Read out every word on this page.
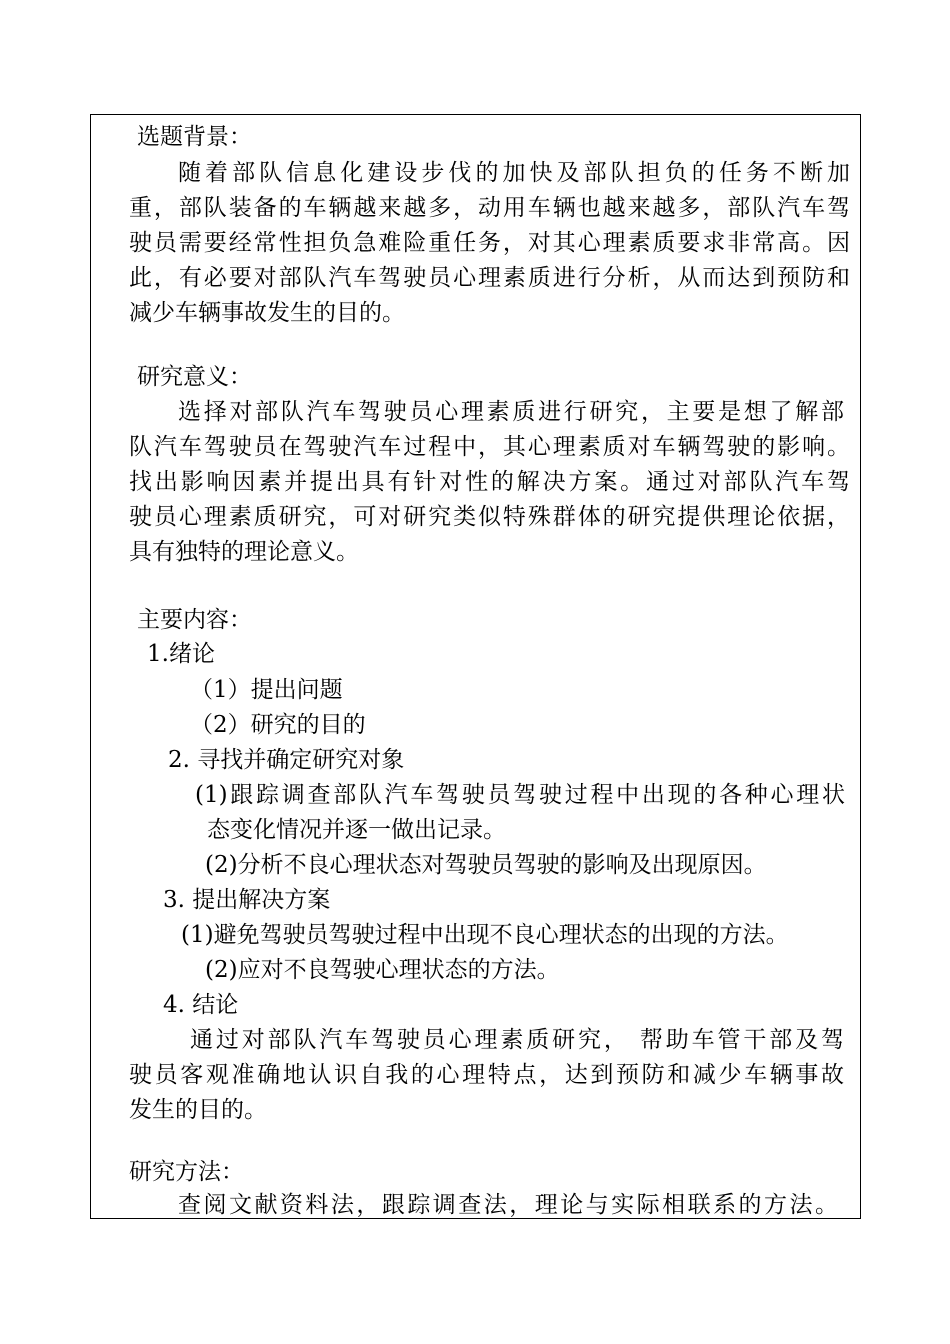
选题背景：
随着部队信息化建设步伐的加快及部队担负的任务不断加
重，部队装备的车辆越来越多，动用车辆也越来越多，部队汽车驾
驶员需要经常性担负急难险重任务，对其心理素质要求非常高。因
此，有必要对部队汽车驾驶员心理素质进行分析，从而达到预防和
减少车辆事故发生的目的。
研究意义：
选择对部队汽车驾驶员心理素质进行研究，主要是想了解部
队汽车驾驶员在驾驶汽车过程中，其心理素质对车辆驾驶的影响。
找出影响因素并提出具有针对性的解决方案。通过对部队汽车驾
驶员心理素质研究，可对研究类似特殊群体的研究提供理论依据，
具有独特的理论意义。
主要内容：
1.绪论
（1）提出问题
（2）研究的目的
2. 寻找并确定研究对象
(1)跟踪调查部队汽车驾驶员驾驶过程中出现的各种心理状
态变化情况并逐一做出记录。
(2)分析不良心理状态对驾驶员驾驶的影响及出现原因。
3. 提出解决方案
(1)避免驾驶员驾驶过程中出现不良心理状态的出现的方法。
(2)应对不良驾驶心理状态的方法。
4. 结论
通过对部队汽车驾驶员心理素质研究， 帮助车管干部及驾
驶员客观准确地认识自我的心理特点，达到预防和减少车辆事故
发生的目的。
研究方法：
查阅文献资料法，跟踪调查法，理论与实际相联系的方法。
